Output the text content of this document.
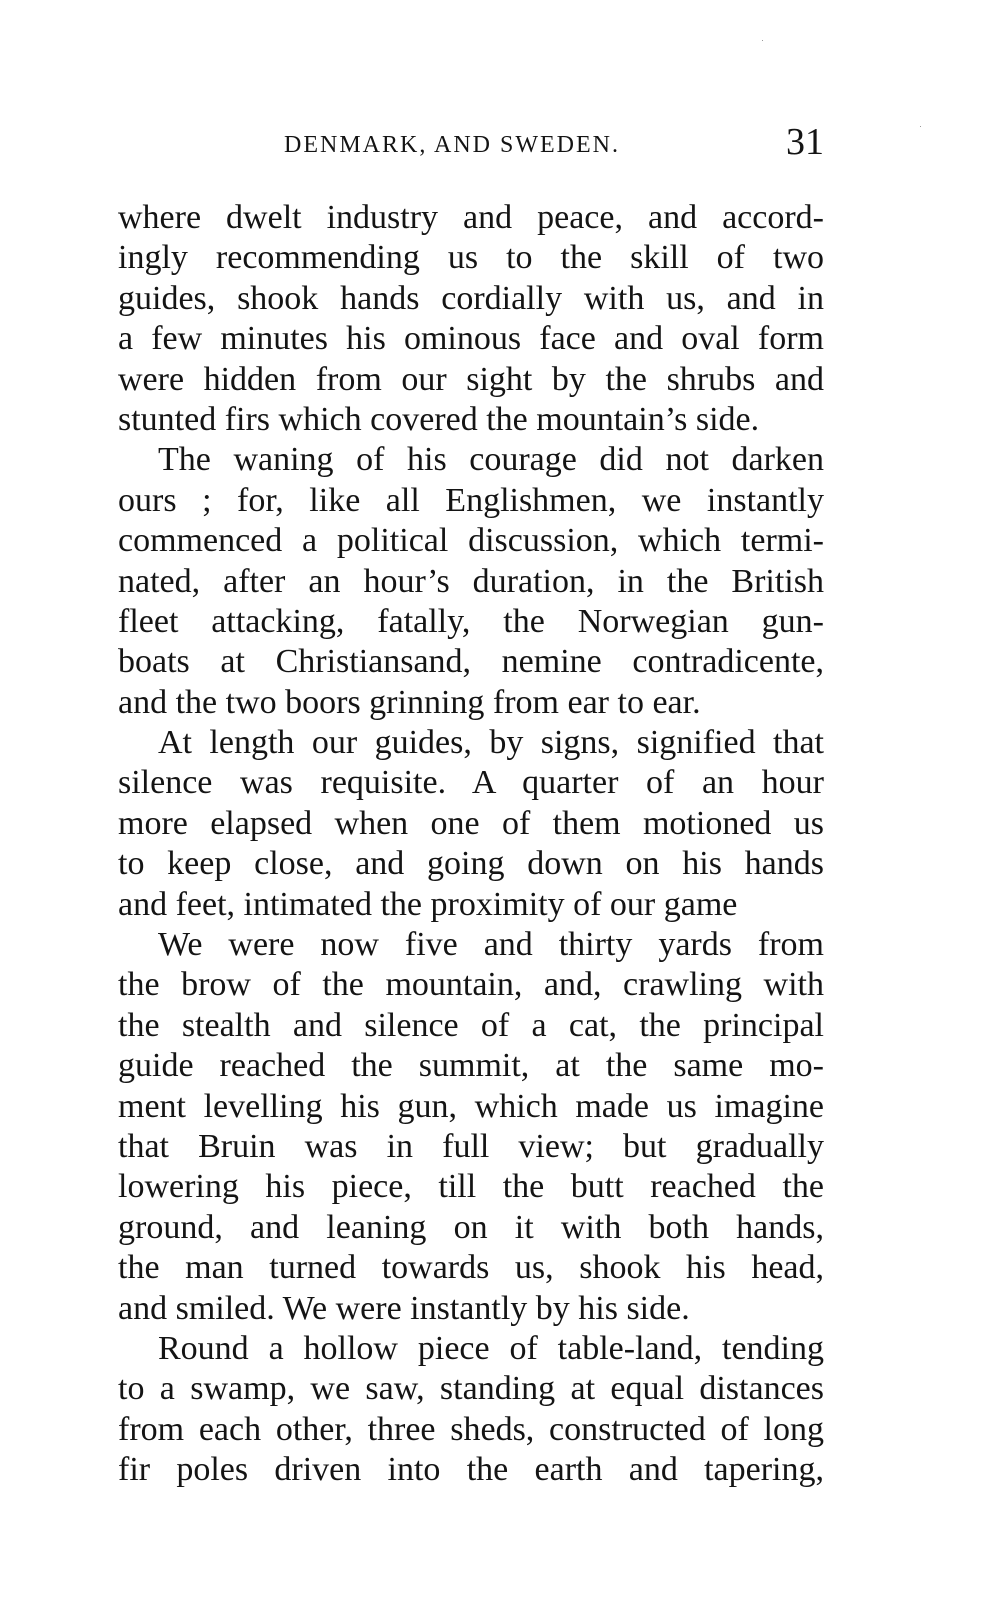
DENMARK, AND SWEDEN.	31
where dwelt industry and peace, and accord-
ingly recommending us to the skill of two
guides, shook hands cordially with us, and in
a few minutes his ominous face and oval form
were hidden from our sight by the shrubs and
stunted firs which covered the mountain’s side.
The waning of his courage did not darken
ours ; for, like all Englishmen, we instantly
commenced a political discussion, which termi-
nated, after an hour’s duration, in the British
fleet attacking, fatally, the Norwegian gun-
boats at Christiansand, nemine contradicente,
and the two boors grinning from ear to ear.
At length our guides, by signs, signified that
silence was requisite. A quarter of an hour
more elapsed when one of them motioned us
to keep close, and going down on his hands
and feet, intimated the proximity of our game
We were now five and thirty yards from
the brow of the mountain, and, crawling with
the stealth and silence of a cat, the principal
guide reached the summit, at the same mo-
ment levelling his gun, which made us imagine
that Bruin was in full view; but gradually
lowering his piece, till the butt reached the
ground, and leaning on it with both hands,
the man turned towards us, shook his head,
and smiled. We were instantly by his side.
Round a hollow piece of table-land, tending
to a swamp, we saw, standing at equal distances
from each other, three sheds, constructed of long
fir poles driven into the earth and tapering,
